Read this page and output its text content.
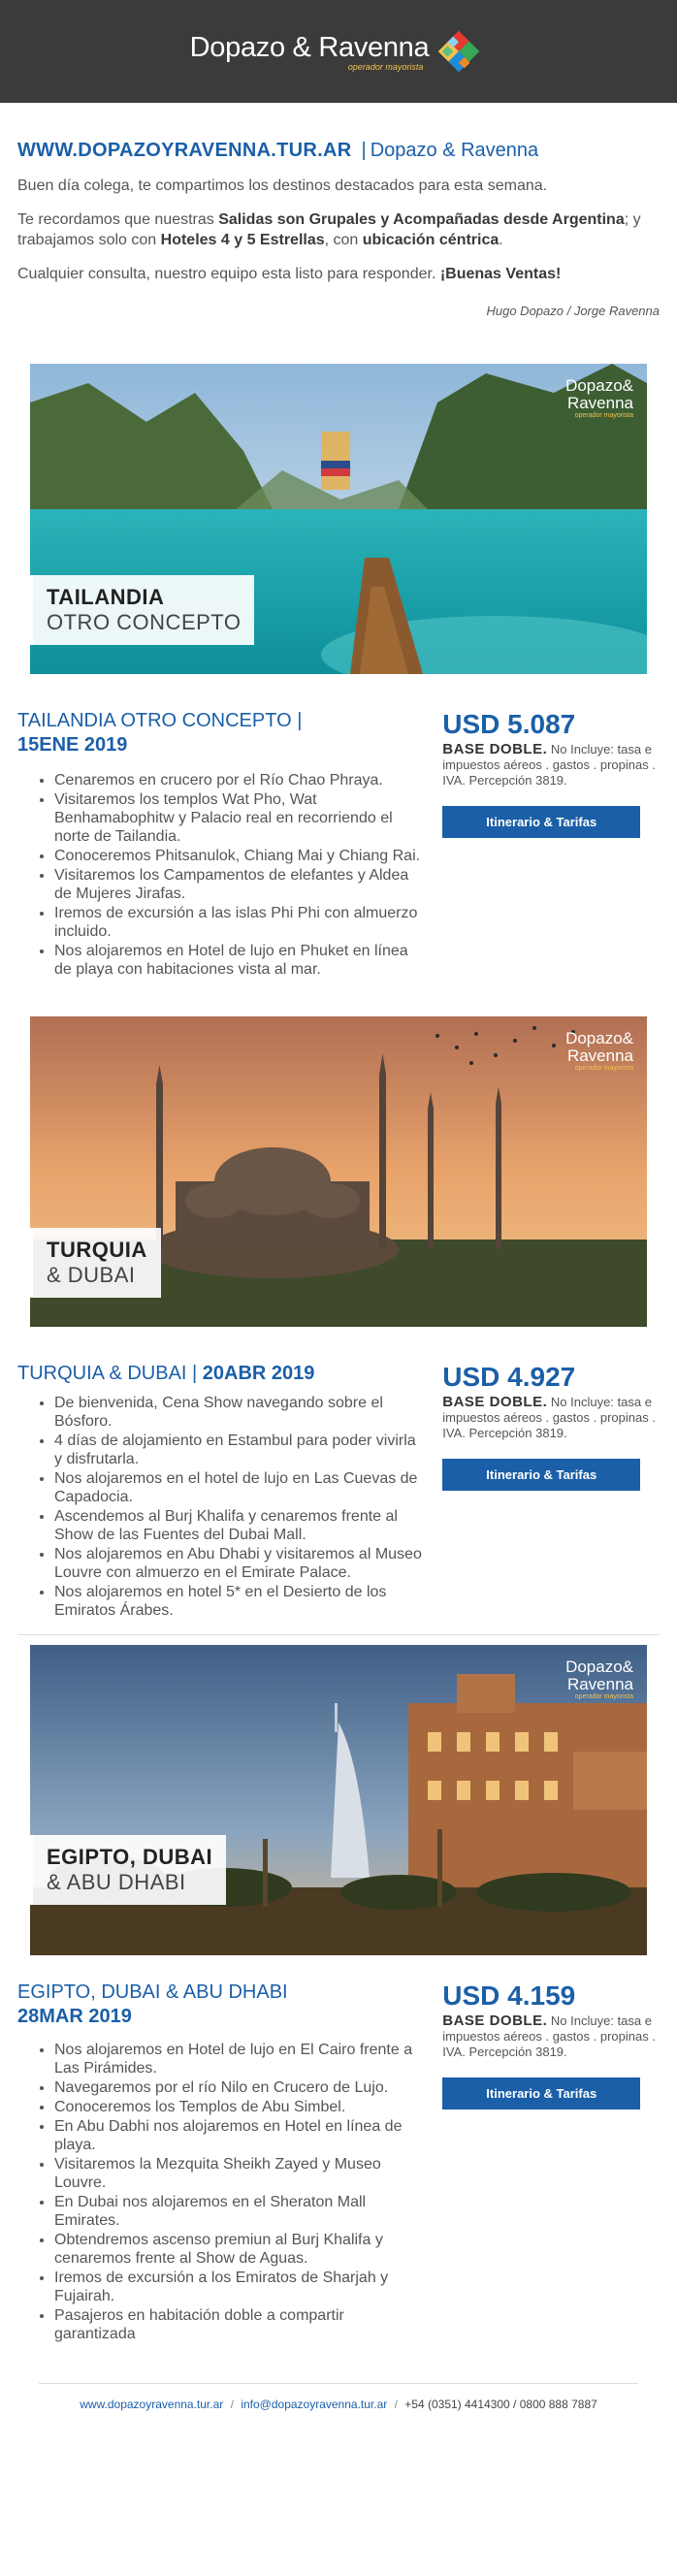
Dopazo & Ravenna
operador mayorista
WWW.DOPAZOYRAVENNA.TUR.AR | Dopazo & Ravenna

Buen día colega, te compartimos los destinos destacados para esta semana.

Te recordamos que nuestras Salidas son Grupales y Acompañadas desde Argentina; y trabajamos solo con Hoteles 4 y 5 Estrellas, con ubicación céntrica.

Cualquier consulta, nuestro equipo esta listo para responder. ¡Buenas Ventas!

Hugo Dopazo / Jorge Ravenna
Dopazo&
Ravenna
operador mayorista
TAILANDIA
OTRO CONCEPTO
TAILANDIA OTRO CONCEPTO |
15ENE 2019
• Cenaremos en crucero por el Río Chao Phraya.
• Visitaremos los templos Wat Pho, Wat Benhamabophitw y Palacio real en recorriendo el norte de Tailandia.
• Conoceremos Phitsanulok, Chiang Mai y Chiang Rai.
• Visitaremos los Campamentos de elefantes y Aldea de Mujeres Jirafas.
• Iremos de excursión a las islas Phi Phi con almuerzo incluido.
• Nos alojaremos en Hotel de lujo en Phuket en línea de playa con habitaciones vista al mar.
USD 5.087
BASE DOBLE. No Incluye: tasa e impuestos aéreos . gastos . propinas . IVA. Percepción 3819.
Itinerario & Tarifas
Dopazo&
Ravenna
operador mayorista
TURQUIA
& DUBAI
TURQUIA & DUBAI | 20ABR 2019
• De bienvenida, Cena Show navegando sobre el Bósforo.
• 4 días de alojamiento en Estambul para poder vivirla y disfrutarla.
• Nos alojaremos en el hotel de lujo en Las Cuevas de Capadocia.
• Ascendemos al Burj Khalifa y cenaremos frente al Show de las Fuentes del Dubai Mall.
• Nos alojaremos en Abu Dhabi y visitaremos al Museo Louvre con almuerzo en el Emirate Palace.
• Nos alojaremos en hotel 5* en el Desierto de los Emiratos Árabes.
USD 4.927
BASE DOBLE. No Incluye: tasa e impuestos aéreos . gastos . propinas . IVA. Percepción 3819.
Itinerario & Tarifas
Dopazo&
Ravenna
operador mayorista
EGIPTO, DUBAI
& ABU DHABI
EGIPTO, DUBAI & ABU DHABI
28MAR 2019
• Nos alojaremos en Hotel de lujo en El Cairo frente a Las Pirámides.
• Navegaremos por el río Nilo en Crucero de Lujo.
• Conoceremos los Templos de Abu Simbel.
• En Abu Dabhi nos alojaremos en Hotel en línea de playa.
• Visitaremos la Mezquita Sheikh Zayed y Museo Louvre.
• En Dubai nos alojaremos en el Sheraton Mall Emirates.
• Obtendremos ascenso premiun al Burj Khalifa y cenaremos frente al Show de Aguas.
• Iremos de excursión a los Emiratos de Sharjah y Fujairah.
• Pasajeros en habitación doble a compartir garantizada
USD 4.159
BASE DOBLE. No Incluye: tasa e impuestos aéreos . gastos . propinas . IVA. Percepción 3819.
Itinerario & Tarifas
www.dopazoyravenna.tur.ar / info@dopazoyravenna.tur.ar / +54 (0351) 4414300 / 0800 888 7887
